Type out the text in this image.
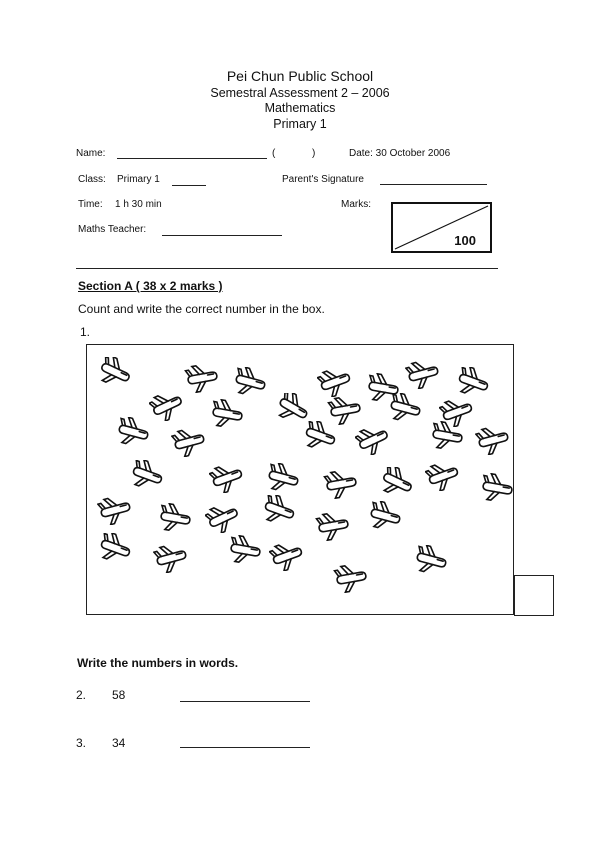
Pei Chun Public School
Semestral Assessment 2 – 2006
Mathematics
Primary 1
Name:	(	)	Date: 30 October 2006
Class: Primary 1	Parent's Signature
Time: 1 h 30 min	Marks:
100
Maths Teacher:
Section A ( 38 x 2 marks )
Count and write the correct number in the box.
1.
Write the numbers in words.
2. 58
3. 34
